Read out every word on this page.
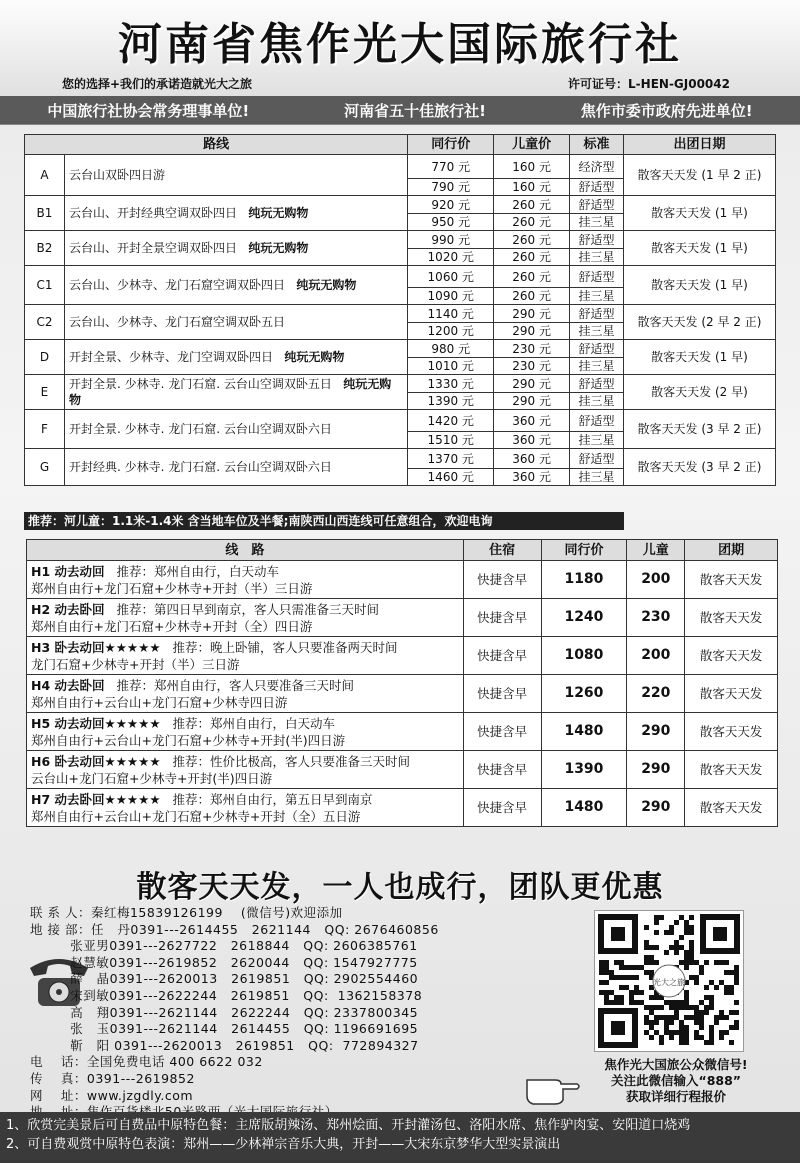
河南省焦作光大国际旅行社
您的选择+我们的承诺造就光大之旅	许可证号：L-HEN-GJ00042
中国旅行社协会常务理事单位!	河南省五十佳旅行社!	焦作市委市政府先进单位!
路线		同行价	儿童价	标准	出团日期
A	云台山双卧四日游	770 元	160 元	经济型	散客天天发 (1 早 2 正)
		790 元	160 元	舒适型	
B1	云台山、开封经典空调双卧四日 纯玩无购物	920 元	260 元	舒适型	散客天天发 (1 早)
		950 元	260 元	挂三星	
B2	云台山、开封全景空调双卧四日 纯玩无购物	990 元	260 元	舒适型	散客天天发 (1 早)
		1020 元	260 元	挂三星	
C1	云台山、少林寺、龙门石窟空调双卧四日 纯玩无购物	1060 元	260 元	舒适型	散客天天发 (1 早)
		1090 元	260 元	挂三星	
C2	云台山、少林寺、龙门石窟空调双卧五日	1140 元	290 元	舒适型	散客天天发 (2 早 2 正)
		1200 元	290 元	挂三星	
D	开封全景、少林寺、龙门空调双卧四日 纯玩无购物	980 元	230 元	舒适型	散客天天发 (1 早)
		1010 元	230 元	挂三星	
E	开封全景. 少林寺. 龙门石窟. 云台山空调双卧五日 纯玩无购物	1330 元	290 元	舒适型	散客天天发 (2 早)
		1390 元	290 元	挂三星	
F	开封全景. 少林寺. 龙门石窟. 云台山空调双卧六日	1420 元	360 元	舒适型	散客天天发 (3 早 2 正)
		1510 元	360 元	挂三星	
G	开封经典. 少林寺. 龙门石窟. 云台山空调双卧六日	1370 元	360 元	舒适型	散客天天发 (3 早 2 正)
		1460 元	360 元	挂三星	
推荐：河儿童：1.1米-1.4米 含当地车位及半餐;南陕西山西连线可任意组合，欢迎电询
线　路	住宿	同行价	儿童	团期

H1 动去动回 推荐：郑州自由行，白天动车
郑州自由行+龙门石窟+少林寺+开封（半）三日游	快捷含早	1180	200	散客天天发

H2 动去卧回 推荐：第四日早到南京，客人只需准备三天时间
郑州自由行+龙门石窟+少林寺+开封（全）四日游	快捷含早	1240	230	散客天天发

H3 卧去动回★★★★★ 推荐：晚上卧铺，客人只要准备两天时间
龙门石窟+少林寺+开封（半）三日游	快捷含早	1080	200	散客天天发

H4 动去卧回 推荐：郑州自由行，客人只要准备三天时间
郑州自由行+云台山+龙门石窟+少林寺四日游	快捷含早	1260	220	散客天天发

H5 动去动回★★★★★ 推荐：郑州自由行，白天动车
郑州自由行+云台山+龙门石窟+少林寺+开封(半)四日游	快捷含早	1480	290	散客天天发

H6 卧去动回★★★★★ 推荐：性价比极高，客人只要准备三天时间
云台山+龙门石窟+少林寺+开封(半)四日游	快捷含早	1390	290	散客天天发

H7 动去卧回★★★★★ 推荐：郑州自由行，第五日早到南京
郑州自由行+云台山+龙门石窟+少林寺+开封（全）五日游	快捷含早	1480	290	散客天天发
散客天天发，一人也成行，团队更优惠
联 系 人：秦红梅15839126199    (微信号)欢迎添加
地 接 部：任   丹0391---2614455   2621144   QQ: 2676460856
张亚男0391---2627722   2618844   QQ: 2606385761
赵慧敏0391---2619852   2620044   QQ: 1547927775
薛   晶0391---2620013   2619851   QQ: 2902554460
宋到敏0391---2622244   2619851   QQ:  1362158378
高   翔0391---2621144   2622244   QQ: 2337800345
张   玉0391---2621144   2614455   QQ: 1196691695
靳   阳 0391---2620013   2619851   QQ:  772894327
电    话：全国免费电话 400 6622 032
传    真：0391---2619852
网    址：www.jzgdly.com
光大之旅
焦作光大国旅公众微信号!
关注此微信输入“888”
获取详细行程报价
1、欣赏完美景后可自费品中原特色餐：主席版胡辣汤、郑州烩面、开封灌汤包、洛阳水席、焦作驴肉宴、安阳道口烧鸡
2、可自费观赏中原特色表演：郑州——少林禅宗音乐大典，开封——大宋东京梦华大型实景演出
